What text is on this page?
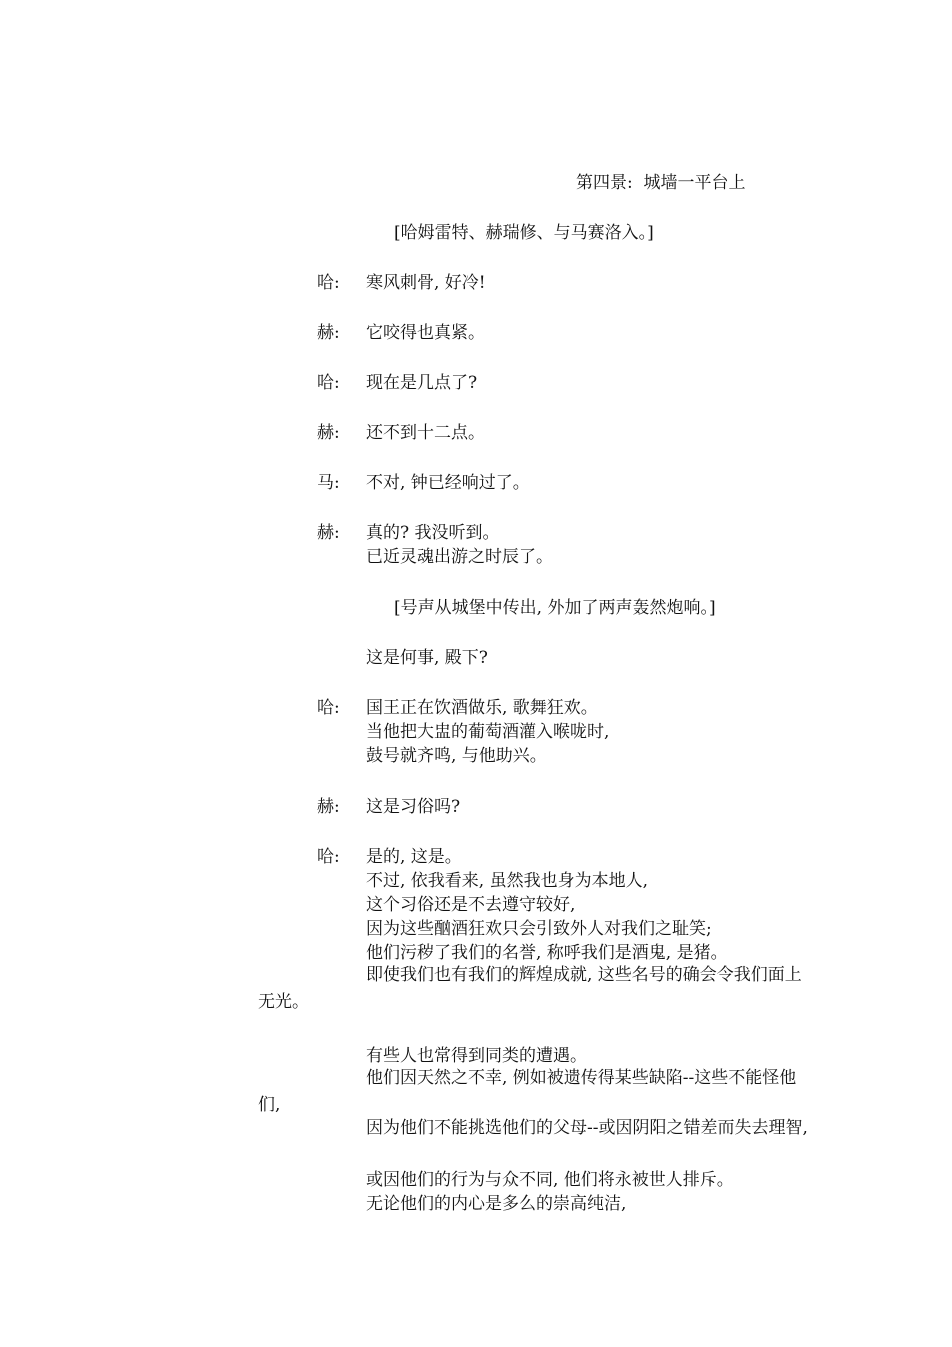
第四景:  城墙一平台上
[哈姆雷特、赫瑞修、与马赛洛入。]
哈: 寒风刺骨, 好冷!
赫: 它咬得也真紧。
哈: 现在是几点了?
赫: 还不到十二点。
马: 不对, 钟已经响过了。
赫: 真的? 我没听到。
已近灵魂出游之时辰了。
[号声从城堡中传出, 外加了两声轰然炮响。]
这是何事, 殿下?
哈: 国王正在饮酒做乐, 歌舞狂欢。
当他把大盅的葡萄酒灌入喉咙时,
鼓号就齐鸣, 与他助兴。
赫: 这是习俗吗?
哈: 是的, 这是。
不过, 依我看来, 虽然我也身为本地人,
这个习俗还是不去遵守较好,
因为这些酗酒狂欢只会引致外人对我们之耻笑;
他们污秽了我们的名誉, 称呼我们是酒鬼, 是猪。
即使我们也有我们的辉煌成就, 这些名号的确会令我们面上无光。
有些人也常得到同类的遭遇。
他们因天然之不幸, 例如被遗传得某些缺陷--这些不能怪他们,
因为他们不能挑选他们的父母--或因阴阳之错差而失去理智,
或因他们的行为与众不同, 他们将永被世人排斥。
无论他们的内心是多么的崇高纯洁,
